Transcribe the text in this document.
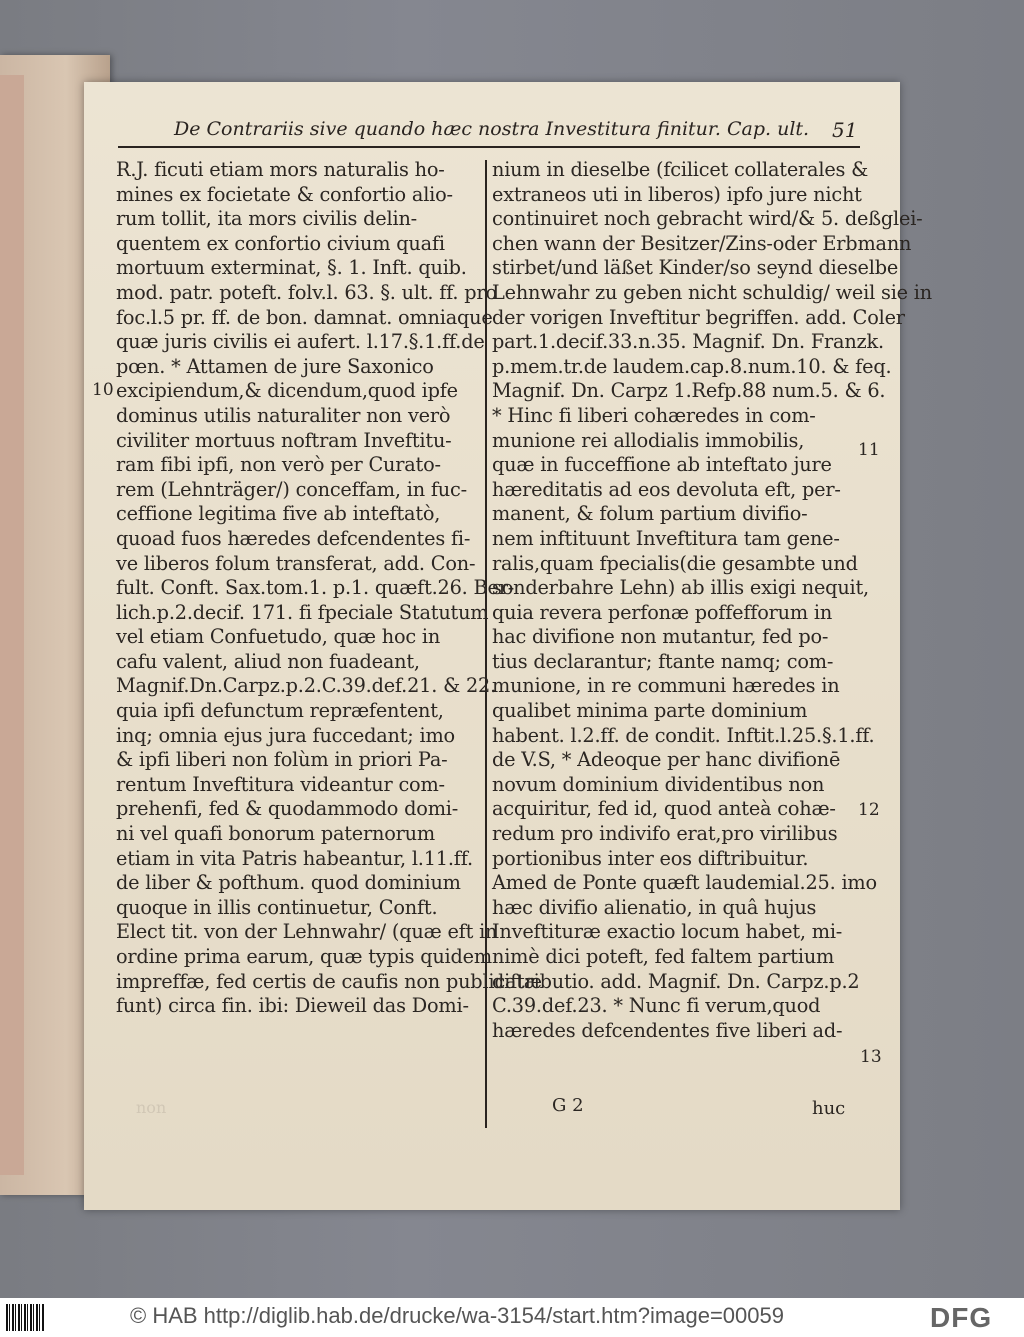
De Contrariis sive quando hæc nostra Investitura finitur. Cap. ult. 51
R.J. ficuti etiam mors naturalis ho-
mines ex focietate & confortio alio-
rum tollit, ita mors civilis delin-
quentem ex confortio civium quafi
mortuum exterminat, §. 1. Inft. quib.
mod. patr. poteft. folv.l. 63. §. ult. ff. pro
foc.l.5 pr. ff. de bon. damnat. omniaque
quæ juris civilis ei aufert. l.17.§.1.ff.de
pœn. * Attamen de jure Saxonico
excipiendum,& dicendum,quod ipfe
dominus utilis naturaliter non verò
civiliter mortuus noftram Inveftitu-
ram fibi ipfi, non verò per Curato-
rem (Lehnträger/) conceffam, in fuc-
ceffione legitima five ab inteftatò,
quoad fuos hæredes defcendentes fi-
ve liberos folum transferat, add. Con-
fult. Conft. Sax.tom.1. p.1. quæft.26. Ber-
lich.p.2.decif. 171. fi fpeciale Statutum
vel etiam Confuetudo, quæ hoc in
cafu valent, aliud non fuadeant,
Magnif.Dn.Carpz.p.2.C.39.def.21. & 22.
quia ipfi defunctum repræfentent,
inq; omnia ejus jura fuccedant; imo
& ipfi liberi non folùm in priori Pa-
rentum Inveftitura videantur com-
prehenfi, fed & quodammodo domi-
ni vel quafi bonorum paternorum
etiam in vita Patris habeantur, l.11.ff.
de liber & pofthum. quod dominium
quoque in illis continuetur, Conft.
Elect tit. von der Lehnwahr/ (quæ eft in
ordine prima earum, quæ typis quidem
impreffæ, fed certis de caufis non publicatæ
funt) circa fin. ibi: Dieweil das Domi-
nium in dieselbe (fcilicet collaterales &
extraneos uti in liberos) ipfo jure nicht
continuiret noch gebracht wird/& 5. deßglei-
chen wann der Besitzer/Zins-oder Erbmann
stirbet/und läßet Kinder/so seynd dieselbe
Lehnwahr zu geben nicht schuldig/ weil sie in
der vorigen Inveftitur begriffen. add. Coler
part.1.decif.33.n.35. Magnif. Dn. Franzk.
p.mem.tr.de laudem.cap.8.num.10. & feq.
Magnif. Dn. Carpz 1.Refp.88 num.5. & 6.
* Hinc fi liberi cohæredes in com-
munione rei allodialis immobilis,
quæ in fucceffione ab inteftato jure
hæreditatis ad eos devoluta eft, per-
manent, & folum partium divifio-
nem inftituunt Inveftitura tam gene-
ralis,quam fpecialis(die gesambte und
sonderbahre Lehn) ab illis exigi nequit,
quia revera perfonæ poffefforum in
hac divifione non mutantur, fed po-
tius declarantur; ftante namq; com-
munione, in re communi hæredes in
qualibet minima parte dominium
habent. l.2.ff. de condit. Inftit.l.25.§.1.ff.
de V.S, * Adeoque per hanc divifionē
novum dominium dividentibus non
acquiritur, fed id, quod anteà cohæ-
redum pro indivifo erat,pro virilibus
portionibus inter eos diftribuitur.
Amed de Ponte quæft laudemial.25. imo
hæc divifio alienatio, in quâ hujus
Inveftituræ exactio locum habet, mi-
nimè dici poteft, fed faltem partium
diftributio. add. Magnif. Dn. Carpz.p.2
C.39.def.23. * Nunc fi verum,quod
hæredes defcendentes five liberi ad-
10
11
12
13
G 2	huc
non
© HAB http://diglib.hab.de/drucke/wa-3154/start.htm?image=00059	DFG
